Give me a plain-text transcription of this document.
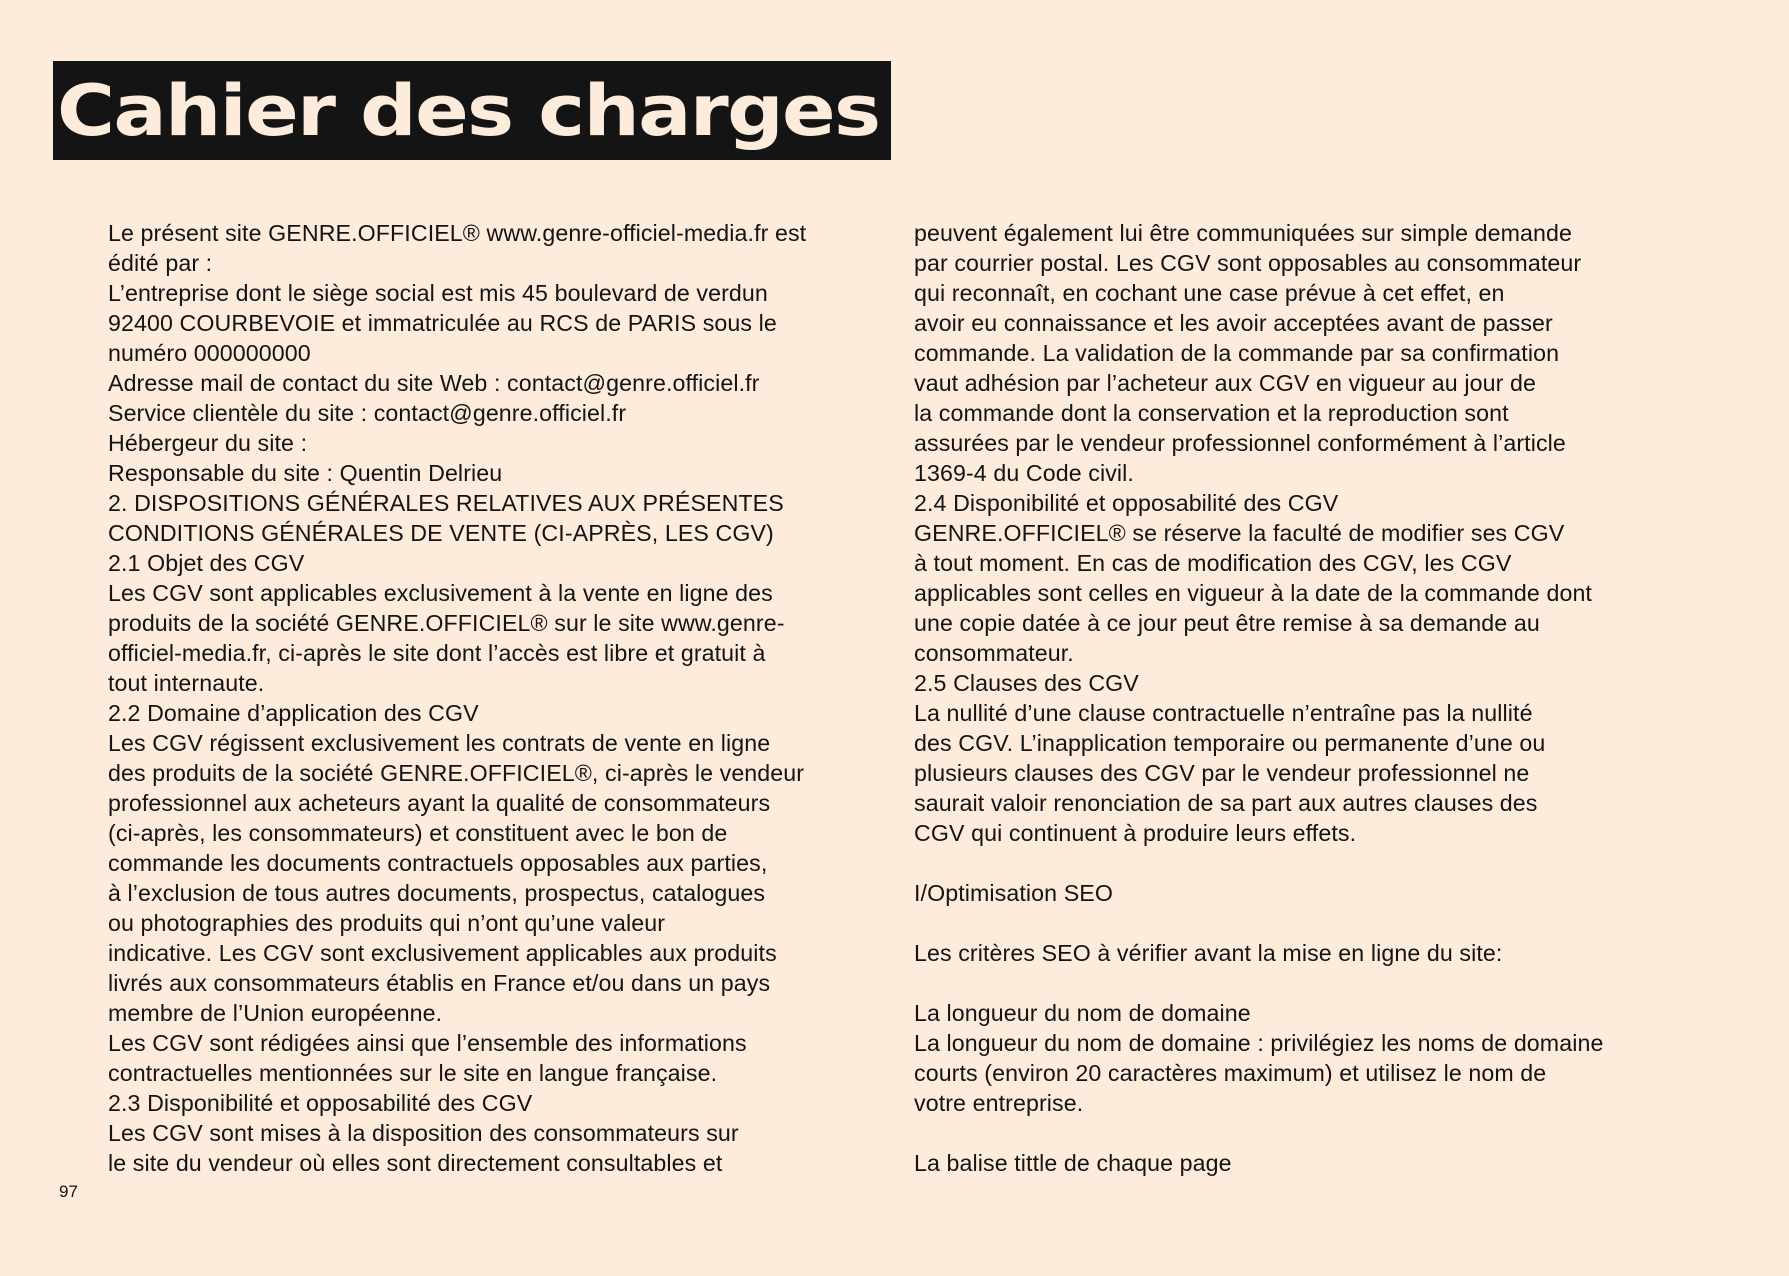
Cahier des charges
Le présent site GENRE.OFFICIEL® www.genre-officiel-media.fr est
édité par :
L’entreprise dont le siège social est mis 45 boulevard de verdun
92400 COURBEVOIE et immatriculée au RCS de PARIS sous le
numéro 000000000
Adresse mail de contact du site Web : contact@genre.officiel.fr
Service clientèle du site : contact@genre.officiel.fr
Hébergeur du site :
Responsable du site : Quentin Delrieu
2. DISPOSITIONS GÉNÉRALES RELATIVES AUX PRÉSENTES
CONDITIONS GÉNÉRALES DE VENTE (CI-APRÈS, LES CGV)
2.1 Objet des CGV
Les CGV sont applicables exclusivement à la vente en ligne des
produits de la société GENRE.OFFICIEL® sur le site www.genre-
officiel-media.fr, ci-après le site dont l’accès est libre et gratuit à
tout internaute.
2.2 Domaine d’application des CGV
Les CGV régissent exclusivement les contrats de vente en ligne
des produits de la société GENRE.OFFICIEL®, ci-après le vendeur
professionnel aux acheteurs ayant la qualité de consommateurs
(ci-après, les consommateurs) et constituent avec le bon de
commande les documents contractuels opposables aux parties,
à l’exclusion de tous autres documents, prospectus, catalogues
ou photographies des produits qui n’ont qu’une valeur
indicative. Les CGV sont exclusivement applicables aux produits
livrés aux consommateurs établis en France et/ou dans un pays
membre de l’Union européenne.
Les CGV sont rédigées ainsi que l’ensemble des informations
contractuelles mentionnées sur le site en langue française.
2.3 Disponibilité et opposabilité des CGV
Les CGV sont mises à la disposition des consommateurs sur
le site du vendeur où elles sont directement consultables et
peuvent également lui être communiquées sur simple demande
par courrier postal. Les CGV sont opposables au consommateur
qui reconnaît, en cochant une case prévue à cet effet, en
avoir eu connaissance et les avoir acceptées avant de passer
commande. La validation de la commande par sa confirmation
vaut adhésion par l’acheteur aux CGV en vigueur au jour de
la commande dont la conservation et la reproduction sont
assurées par le vendeur professionnel conformément à l’article
1369-4 du Code civil.
2.4 Disponibilité et opposabilité des CGV
GENRE.OFFICIEL® se réserve la faculté de modifier ses CGV
à tout moment. En cas de modification des CGV, les CGV
applicables sont celles en vigueur à la date de la commande dont
une copie datée à ce jour peut être remise à sa demande au
consommateur.
2.5 Clauses des CGV
La nullité d’une clause contractuelle n’entraîne pas la nullité
des CGV. L’inapplication temporaire ou permanente d’une ou
plusieurs clauses des CGV par le vendeur professionnel ne
saurait valoir renonciation de sa part aux autres clauses des
CGV qui continuent à produire leurs effets.
I/Optimisation SEO
Les critères SEO à vérifier avant la mise en ligne du site:
La longueur du nom de domaine
La longueur du nom de domaine : privilégiez les noms de domaine
courts (environ 20 caractères maximum) et utilisez le nom de
votre entreprise.
La balise tittle de chaque page
97
